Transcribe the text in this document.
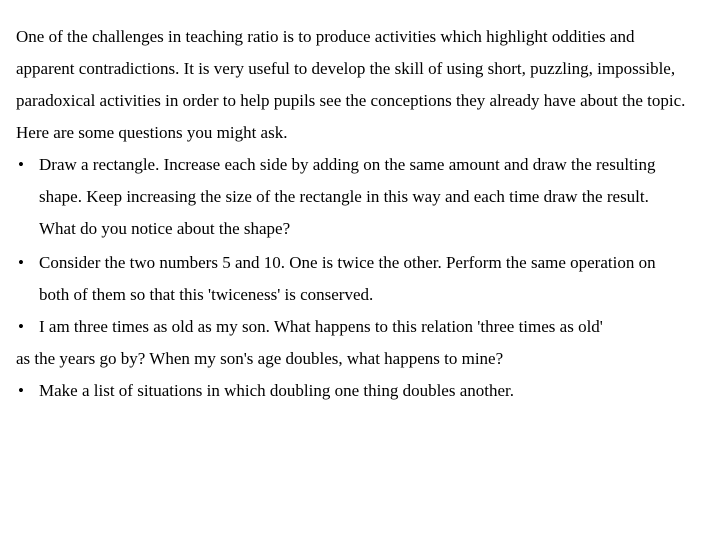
One of the challenges in teaching ratio is to produce activities which highlight oddities and
apparent contradictions. It is very useful to develop the skill of using short, puzzling, impossible,
paradoxical activities in order to help pupils see the conceptions they already have about the topic.
Here are some questions you might ask.
• Draw a rectangle. Increase each side by adding on the same amount and draw the resulting
shape. Keep increasing the size of the rectangle in this way and each time draw the result.
What do you notice about the shape?
• Consider the two numbers 5 and 10. One is twice the other. Perform the same operation on
both of them so that this 'twiceness' is conserved.
• I am three times as old as my son. What happens to this relation 'three times as old'
as the years go by? When my son's age doubles, what happens to mine?
• Make a list of situations in which doubling one thing doubles another.
